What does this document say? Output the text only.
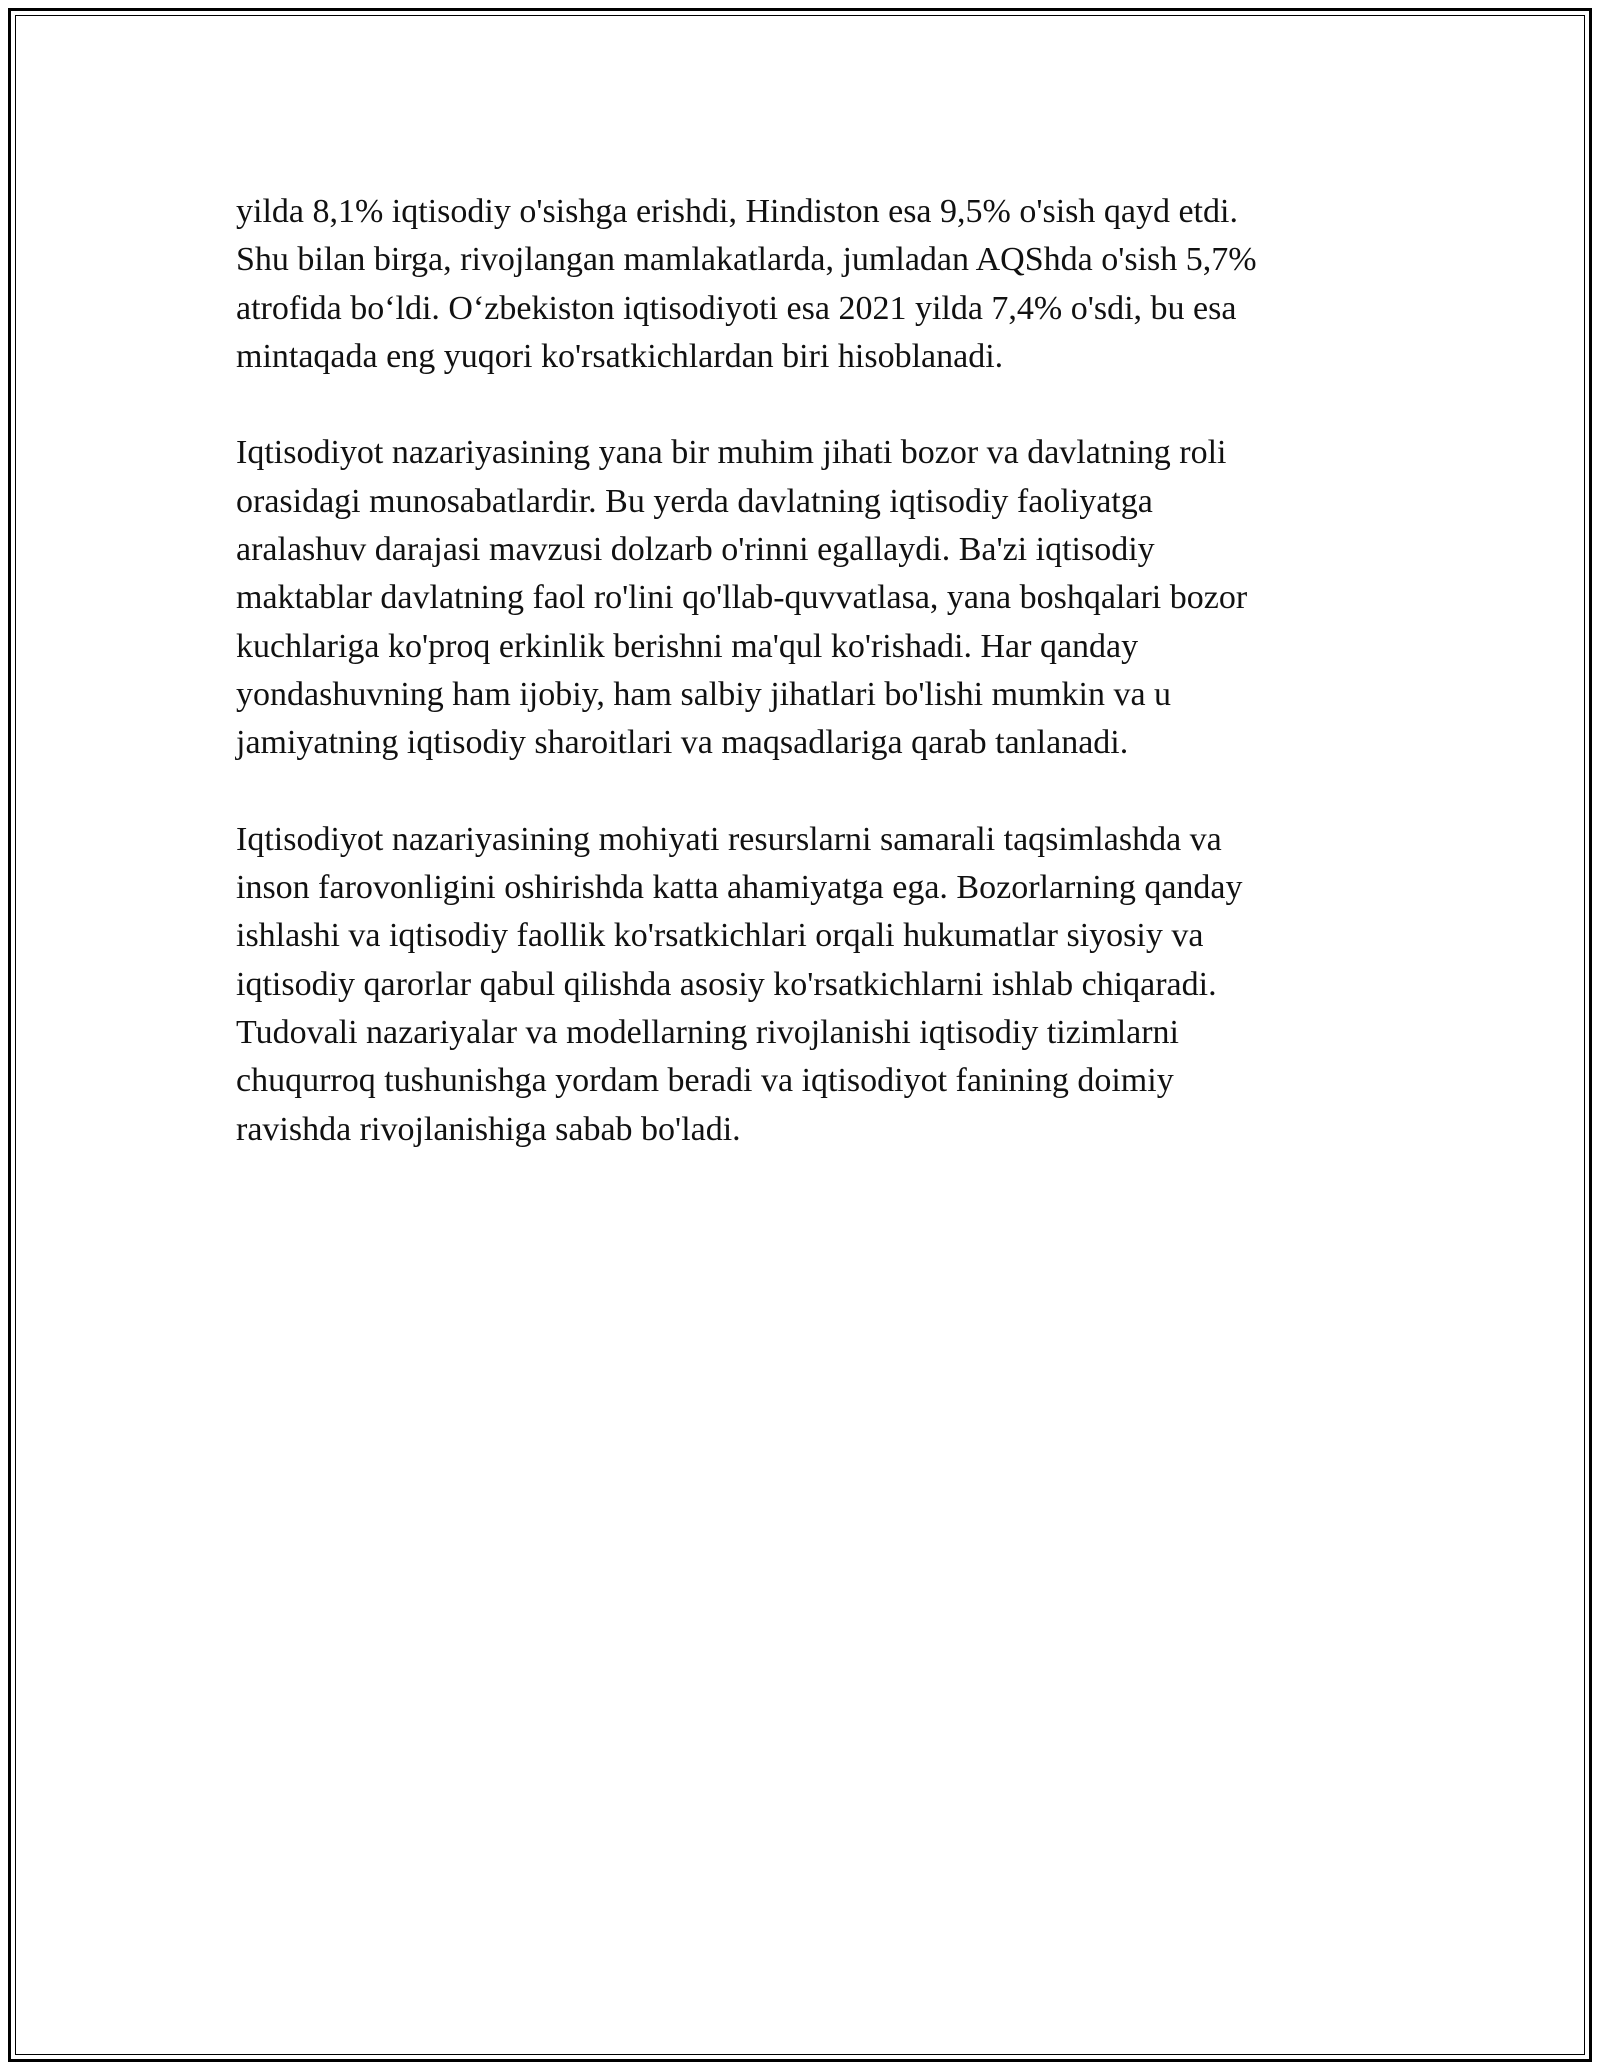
yilda 8,1% iqtisodiy o'sishga erishdi, Hindiston esa 9,5% o'sish qayd etdi.
Shu bilan birga, rivojlangan mamlakatlarda, jumladan AQShda o'sish 5,7%
atrofida bo‘ldi. O‘zbekiston iqtisodiyoti esa 2021 yilda 7,4% o'sdi, bu esa
mintaqada eng yuqori ko'rsatkichlardan biri hisoblanadi.

Iqtisodiyot nazariyasining yana bir muhim jihati bozor va davlatning roli
orasidagi munosabatlardir. Bu yerda davlatning iqtisodiy faoliyatga
aralashuv darajasi mavzusi dolzarb o'rinni egallaydi. Ba'zi iqtisodiy
maktablar davlatning faol ro'lini qo'llab-quvvatlasa, yana boshqalari bozor
kuchlariga ko'proq erkinlik berishni ma'qul ko'rishadi. Har qanday
yondashuvning ham ijobiy, ham salbiy jihatlari bo'lishi mumkin va u
jamiyatning iqtisodiy sharoitlari va maqsadlariga qarab tanlanadi.

Iqtisodiyot nazariyasining mohiyati resurslarni samarali taqsimlashda va
inson farovonligini oshirishda katta ahamiyatga ega. Bozorlarning qanday
ishlashi va iqtisodiy faollik ko'rsatkichlari orqali hukumatlar siyosiy va
iqtisodiy qarorlar qabul qilishda asosiy ko'rsatkichlarni ishlab chiqaradi.
Tudovali nazariyalar va modellarning rivojlanishi iqtisodiy tizimlarni
chuqurroq tushunishga yordam beradi va iqtisodiyot fanining doimiy
ravishda rivojlanishiga sabab bo'ladi.
